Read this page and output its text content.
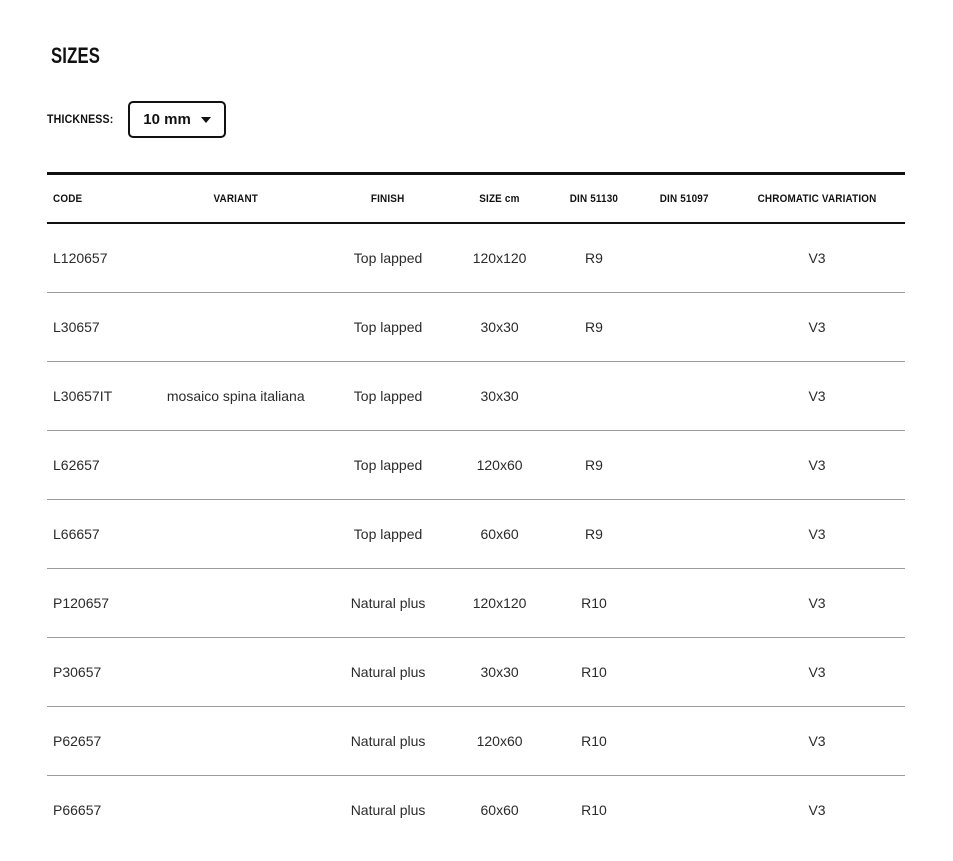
SIZES
THICKNESS: 10 mm
CODE	VARIANT	FINISH	SIZE cm	DIN 51130	DIN 51097	CHROMATIC VARIATION
L120657		Top lapped	120x120	R9		V3
L30657		Top lapped	30x30	R9		V3
L30657IT	mosaico spina italiana	Top lapped	30x30			V3
L62657		Top lapped	120x60	R9		V3
L66657		Top lapped	60x60	R9		V3
P120657		Natural plus	120x120	R10		V3
P30657		Natural plus	30x30	R10		V3
P62657		Natural plus	120x60	R10		V3
P66657		Natural plus	60x60	R10		V3
